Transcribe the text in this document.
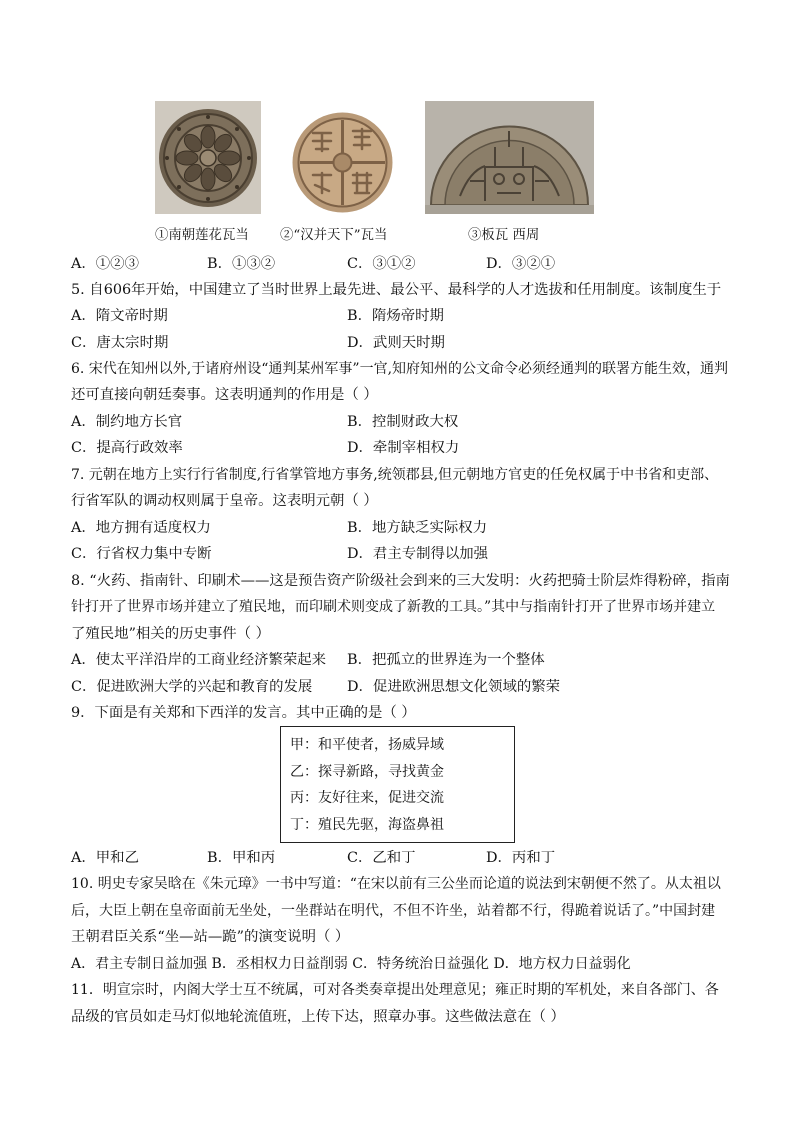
①南朝莲花瓦当 ②“汉并天下”瓦当	③板瓦 西周
A．①②③	B．①③②	C．③①②	D．③②①
5. 自606年开始，中国建立了当时世界上最先进、最公平、最科学的人才选拔和任用制度。该制度生于
A．隋文帝时期	B．隋炀帝时期
C．唐太宗时期	D．武则天时期
6. 宋代在知州以外,于诸府州设“通判某州军事”一官,知府知州的公文命令必须经通判的联署方能生效，通判
还可直接向朝廷奏事。这表明通判的作用是（ ）
A．制约地方长官	B．控制财政大权
C．提高行政效率	D．牵制宰相权力
7. 元朝在地方上实行行省制度,行省掌管地方事务,统领郡县,但元朝地方官吏的任免权属于中书省和吏部、
行省军队的调动权则属于皇帝。这表明元朝（ ）
A．地方拥有适度权力	B．地方缺乏实际权力
C．行省权力集中专断	D．君主专制得以加强
8. “火药、指南针、印刷术——这是预告资产阶级社会到来的三大发明：火药把骑士阶层炸得粉碎，指南
针打开了世界市场并建立了殖民地，而印刷术则变成了新教的工具。”其中与指南针打开了世界市场并建立
了殖民地”相关的历史事件（ ）
A．使太平洋沿岸的工商业经济繁荣起来 B．把孤立的世界连为一个整体
C．促进欧洲大学的兴起和教育的发展 D．促进欧洲思想文化领域的繁荣
9．下面是有关郑和下西洋的发言。其中正确的是（ ）
甲：和平使者，扬威异域
乙：探寻新路，寻找黄金
丙：友好往来，促进交流
丁：殖民先驱，海盗鼻祖
A．甲和乙	B．甲和丙	C．乙和丁	D．丙和丁
10. 明史专家吴晗在《朱元璋》一书中写道：“在宋以前有三公坐而论道的说法到宋朝便不然了。从太祖以
后，大臣上朝在皇帝面前无坐处，一坐群站在明代，不但不许坐，站着都不行，得跪着说话了。”中国封建
王朝君臣关系“坐—站—跪”的演变说明（ ）
A．君主专制日益加强 B．丞相权力日益削弱 C．特务统治日益强化 D．地方权力日益弱化
11．明宣宗时，内阁大学士互不统属，可对各类奏章提出处理意见；雍正时期的军机处，来自各部门、各
品级的官员如走马灯似地轮流值班，上传下达，照章办事。这些做法意在（ ）
